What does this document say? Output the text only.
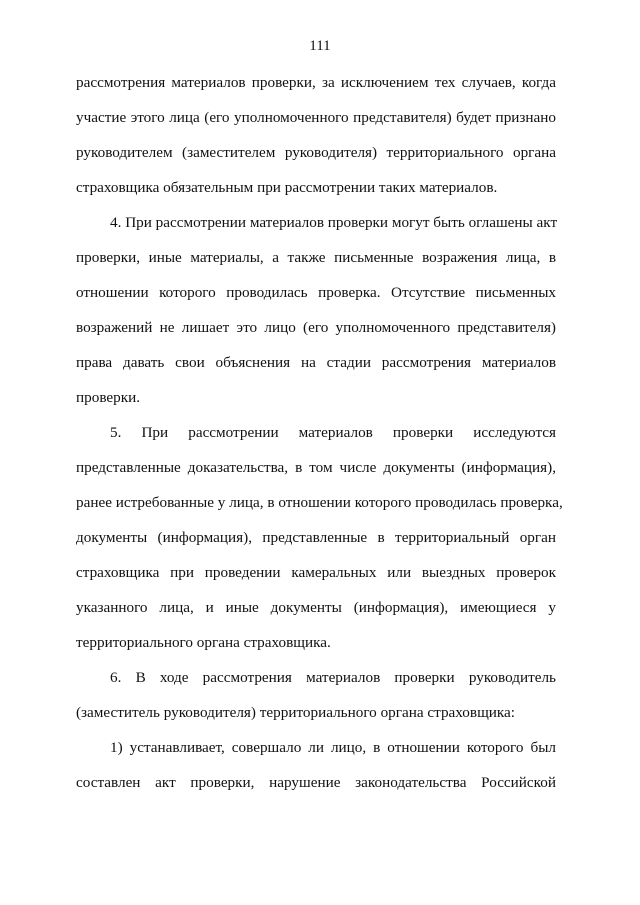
111
рассмотрения материалов проверки, за исключением тех случаев, когда
участие этого лица (его уполномоченного представителя) будет признано
руководителем (заместителем руководителя) территориального органа
страховщика обязательным при рассмотрении таких материалов.
4. При рассмотрении материалов проверки могут быть оглашены акт
проверки, иные материалы, а также письменные возражения лица, в
отношении которого проводилась проверка. Отсутствие письменных
возражений не лишает это лицо (его уполномоченного представителя)
права давать свои объяснения на стадии рассмотрения материалов
проверки.
5. При рассмотрении материалов проверки исследуются
представленные доказательства, в том числе документы (информация),
ранее истребованные у лица, в отношении которого проводилась проверка,
документы (информация), представленные в территориальный орган
страховщика при проведении камеральных или выездных проверок
указанного лица, и иные документы (информация), имеющиеся у
территориального органа страховщика.
6. В ходе рассмотрения материалов проверки руководитель
(заместитель руководителя) территориального органа страховщика:
1) устанавливает, совершало ли лицо, в отношении которого был
составлен акт проверки, нарушение законодательства Российской
